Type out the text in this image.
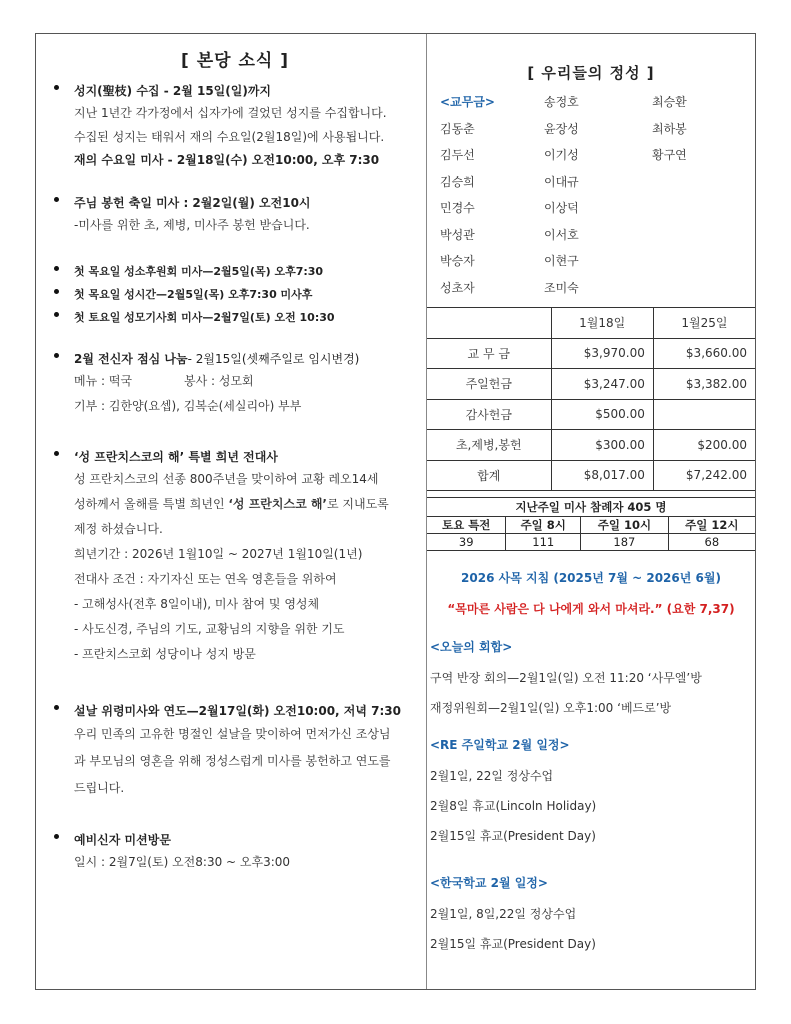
[ 본당 소식 ]
성지(聖枝) 수집 - 2월 15일(일)까지
지난 1년간 각가정에서 십자가에 걸었던 성지를 수집합니다.
수집된 성지는 태워서 재의 수요일(2월18일)에 사용됩니다.
재의 수요일 미사 - 2월18일(수) 오전10:00, 오후 7:30
주님 봉헌 축일 미사 : 2월2일(월) 오전10시
-미사를 위한 초, 제병, 미사주 봉헌 받습니다.
첫 목요일 성소후원회 미사—2월5일(목) 오후7:30
첫 목요일 성시간—2월5일(목) 오후7:30 미사후
첫 토요일 성모기사회 미사—2월7일(토) 오전 10:30
2월 전신자 점심 나눔- 2월15일(셋째주일로 임시변경)
메뉴 : 떡국	봉사 : 성모회
기부 : 김한양(요셉), 김복순(세실리아) 부부
‘성 프란치스코의 해’ 특별 희년 전대사
성 프란치스코의 선종 800주년을 맞이하여 교황 레오14세
성하께서 올해를 특별 희년인 ‘성 프란치스코 해’로 지내도록
제정 하셨습니다.
희년기간 : 2026년 1월10일 ~ 2027년 1월10일(1년)
전대사 조건 : 자기자신 또는 연옥 영혼들을 위하여
- 고해성사(전후 8일이내), 미사 참여 및 영성체
- 사도신경, 주님의 기도, 교황님의 지향을 위한 기도
- 프란치스코회 성당이나 성지 방문
설날 위령미사와 연도—2월17일(화) 오전10:00, 저녁 7:30
우리 민족의 고유한 명절인 설날을 맞이하여 먼저가신 조상님
과 부모님의 영혼을 위해 정성스럽게 미사를 봉헌하고 연도를
드립니다.
예비신자 미션방문
일시 : 2월7일(토) 오전8:30 ~ 오후3:00
[ 우리들의 정성 ]
<교무금>	송정호	최승환
김동춘	윤장성	최하봉
김두선	이기성	황구연
김승희	이대규
민경수	이상덕
박성관	이서호
박승자	이현구
성초자	조미숙
	1월18일	1월25일
교 무 금	$3,970.00	$3,660.00
주일헌금	$3,247.00	$3,382.00
감사헌금	$500.00	
초,제병,봉헌	$300.00	$200.00
합계	$8,017.00	$7,242.00
지난주일 미사 참례자 405 명
토요 특전	주일 8시	주일 10시	주일 12시
39	111	187	68
2026 사목 지침 (2025년 7월 ~ 2026년 6월)
“목마른 사람은 다 나에게 와서 마셔라.” (요한 7,37)
<오늘의 회합>
구역 반장 회의—2월1일(일) 오전 11:20 ‘사무엘’방
재정위원회—2월1일(일) 오후1:00 ‘베드로’방
<RE 주일학교 2월 일정>
2월1일, 22일 정상수업
2월8일 휴교(Lincoln Holiday)
2월15일 휴교(President Day)
<한국학교 2월 일정>
2월1일, 8일,22일 정상수업
2월15일 휴교(President Day)
